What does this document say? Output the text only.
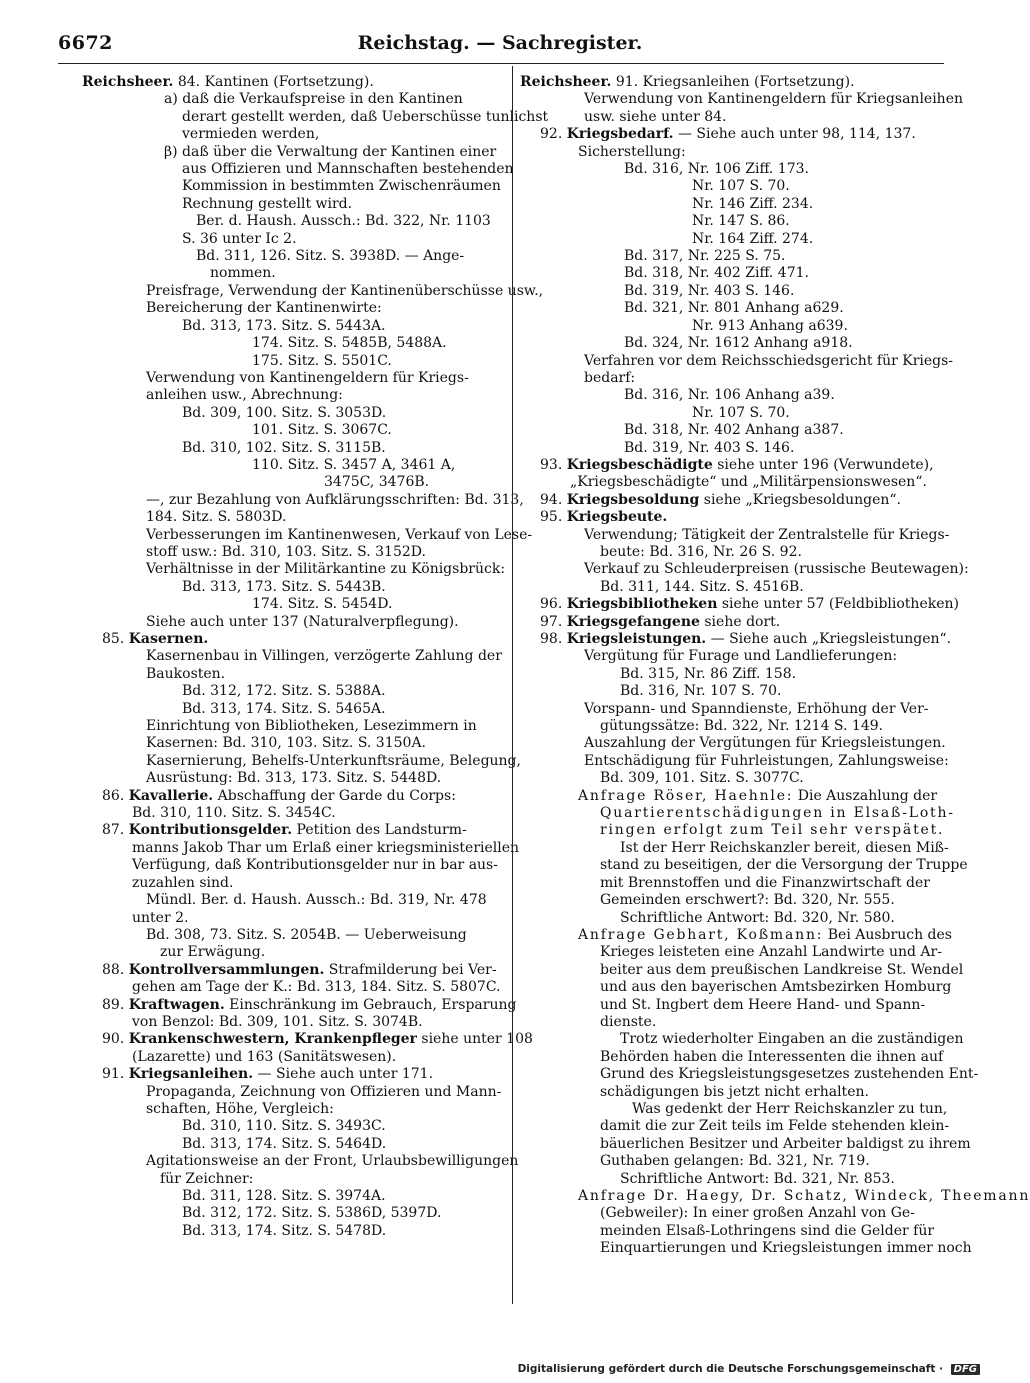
6672	Reichstag. — Sachregister.
Reichsheer. 84. Kantinen (Fortsetzung).
a) daß die Verkaufspreise in den Kantinen
derart gestellt werden, daß Ueberschüsse tunlichst
vermieden werden,
β) daß über die Verwaltung der Kantinen einer
aus Offizieren und Mannschaften bestehenden
Kommission in bestimmten Zwischenräumen
Rechnung gestellt wird.
Ber. d. Haush. Aussch.: Bd. 322, Nr. 1103
S. 36 unter Ic 2.
Bd. 311, 126. Sitz. S. 3938D. — Ange-
nommen.
Preisfrage, Verwendung der Kantinenüberschüsse usw.,
Bereicherung der Kantinenwirte:
Bd. 313, 173. Sitz. S. 5443A.
174. Sitz. S. 5485B, 5488A.
175. Sitz. S. 5501C.
Verwendung von Kantinengeldern für Kriegs-
anleihen usw., Abrechnung:
Bd. 309, 100. Sitz. S. 3053D.
101. Sitz. S. 3067C.
Bd. 310, 102. Sitz. S. 3115B.
110. Sitz. S. 3457 A, 3461 A,
3475C, 3476B.
—, zur Bezahlung von Aufklärungsschriften: Bd. 313,
184. Sitz. S. 5803D.
Verbesserungen im Kantinenwesen, Verkauf von Lese-
stoff usw.: Bd. 310, 103. Sitz. S. 3152D.
Verhältnisse in der Militärkantine zu Königsbrück:
Bd. 313, 173. Sitz. S. 5443B.
174. Sitz. S. 5454D.
Siehe auch unter 137 (Naturalverpflegung).
85. Kasernen.
Kasernenbau in Villingen, verzögerte Zahlung der
Baukosten.
Bd. 312, 172. Sitz. S. 5388A.
Bd. 313, 174. Sitz. S. 5465A.
Einrichtung von Bibliotheken, Lesezimmern in
Kasernen: Bd. 310, 103. Sitz. S. 3150A.
Kasernierung, Behelfs-Unterkunftsräume, Belegung,
Ausrüstung: Bd. 313, 173. Sitz. S. 5448D.
86. Kavallerie. Abschaffung der Garde du Corps:
Bd. 310, 110. Sitz. S. 3454C.
87. Kontributionsgelder. Petition des Landsturm-
manns Jakob Thar um Erlaß einer kriegsministeriellen
Verfügung, daß Kontributionsgelder nur in bar aus-
zuzahlen sind.
Mündl. Ber. d. Haush. Aussch.: Bd. 319, Nr. 478
unter 2.
Bd. 308, 73. Sitz. S. 2054B. — Ueberweisung
zur Erwägung.
88. Kontrollversammlungen. Strafmilderung bei Ver-
gehen am Tage der K.: Bd. 313, 184. Sitz. S. 5807C.
89. Kraftwagen. Einschränkung im Gebrauch, Ersparung
von Benzol: Bd. 309, 101. Sitz. S. 3074B.
90. Krankenschwestern, Krankenpfleger siehe unter 108
(Lazarette) und 163 (Sanitätswesen).
91. Kriegsanleihen. — Siehe auch unter 171.
Propaganda, Zeichnung von Offizieren und Mann-
schaften, Höhe, Vergleich:
Bd. 310, 110. Sitz. S. 3493C.
Bd. 313, 174. Sitz. S. 5464D.
Agitationsweise an der Front, Urlaubsbewilligungen
für Zeichner:
Bd. 311, 128. Sitz. S. 3974A.
Bd. 312, 172. Sitz. S. 5386D, 5397D.
Bd. 313, 174. Sitz. S. 5478D.
Reichsheer. 91. Kriegsanleihen (Fortsetzung).
Verwendung von Kantinengeldern für Kriegsanleihen
usw. siehe unter 84.
92. Kriegsbedarf. — Siehe auch unter 98, 114, 137.
Sicherstellung:
Bd. 316, Nr. 106 Ziff. 173.
Nr. 107 S. 70.
Nr. 146 Ziff. 234.
Nr. 147 S. 86.
Nr. 164 Ziff. 274.
Bd. 317, Nr. 225 S. 75.
Bd. 318, Nr. 402 Ziff. 471.
Bd. 319, Nr. 403 S. 146.
Bd. 321, Nr. 801 Anhang a629.
Nr. 913 Anhang a639.
Bd. 324, Nr. 1612 Anhang a918.
Verfahren vor dem Reichsschiedsgericht für Kriegs-
bedarf:
Bd. 316, Nr. 106 Anhang a39.
Nr. 107 S. 70.
Bd. 318, Nr. 402 Anhang a387.
Bd. 319, Nr. 403 S. 146.
93. Kriegsbeschädigte siehe unter 196 (Verwundete),
„Kriegsbeschädigte“ und „Militärpensionswesen“.
94. Kriegsbesoldung siehe „Kriegsbesoldungen“.
95. Kriegsbeute.
Verwendung; Tätigkeit der Zentralstelle für Kriegs-
beute: Bd. 316, Nr. 26 S. 92.
Verkauf zu Schleuderpreisen (russische Beutewagen):
Bd. 311, 144. Sitz. S. 4516B.
96. Kriegsbibliotheken siehe unter 57 (Feldbibliotheken)
97. Kriegsgefangene siehe dort.
98. Kriegsleistungen. — Siehe auch „Kriegsleistungen“.
Vergütung für Furage und Landlieferungen:
Bd. 315, Nr. 86 Ziff. 158.
Bd. 316, Nr. 107 S. 70.
Vorspann- und Spanndienste, Erhöhung der Ver-
gütungssätze: Bd. 322, Nr. 1214 S. 149.
Auszahlung der Vergütungen für Kriegsleistungen.
Entschädigung für Fuhrleistungen, Zahlungsweise:
Bd. 309, 101. Sitz. S. 3077C.
Anfrage Röser, Haehnle: Die Auszahlung der
Quartierentschädigungen in Elsaß-Loth-
ringen erfolgt zum Teil sehr verspätet.
Ist der Herr Reichskanzler bereit, diesen Miß-
stand zu beseitigen, der die Versorgung der Truppe
mit Brennstoffen und die Finanzwirtschaft der
Gemeinden erschwert?: Bd. 320, Nr. 555.
Schriftliche Antwort: Bd. 320, Nr. 580.
Anfrage Gebhart, Koßmann: Bei Ausbruch des
Krieges leisteten eine Anzahl Landwirte und Ar-
beiter aus dem preußischen Landkreise St. Wendel
und aus den bayerischen Amtsbezirken Homburg
und St. Ingbert dem Heere Hand- und Spann-
dienste.
Trotz wiederholter Eingaben an die zuständigen
Behörden haben die Interessenten die ihnen auf
Grund des Kriegsleistungsgesetzes zustehenden Ent-
schädigungen bis jetzt nicht erhalten.
Was gedenkt der Herr Reichskanzler zu tun,
damit die zur Zeit teils im Felde stehenden klein-
bäuerlichen Besitzer und Arbeiter baldigst zu ihrem
Guthaben gelangen: Bd. 321, Nr. 719.
Schriftliche Antwort: Bd. 321, Nr. 853.
Anfrage Dr. Haegy, Dr. Schatz, Windeck, Theemann
(Gebweiler): In einer großen Anzahl von Ge-
meinden Elsaß-Lothringens sind die Gelder für
Einquartierungen und Kriegsleistungen immer noch
Digitalisierung gefördert durch die Deutsche Forschungsgemeinschaft · DFG
